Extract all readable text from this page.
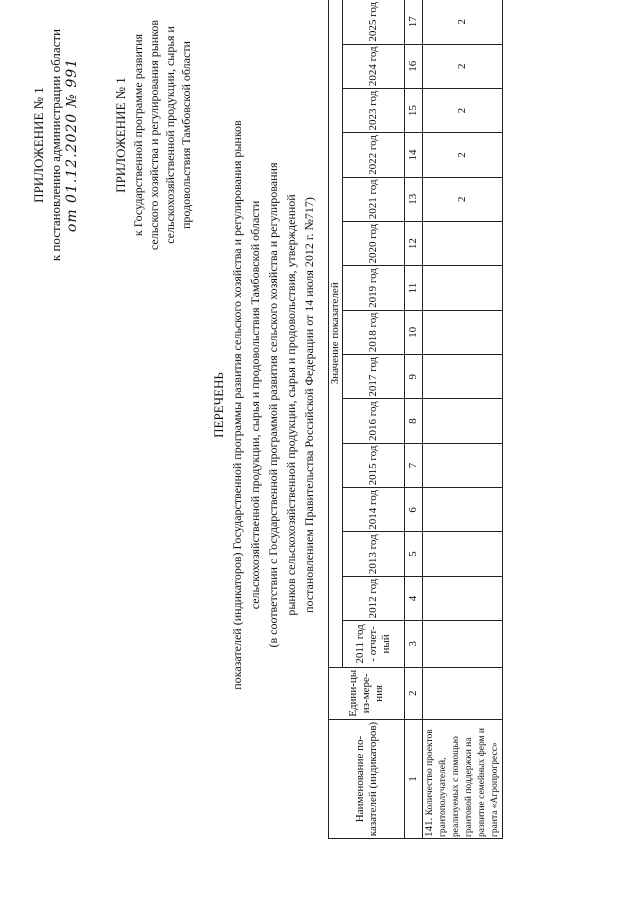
ПРИЛОЖЕНИЕ № 1 к постановлению администрации области от 01.12.2020 № 991	ПРИЛОЖЕНИЕ № 1 к Государственной программе развития сельского хозяйства и регулирования рынков сельскохозяйственной продукции, сырья и продовольствия Тамбовской области
ПЕРЕЧЕНЬ показателей (индикаторов) Государственной программы развития сельского хозяйства и регулирования рынков сельскохозяйственной продукции, сырья и продовольствия Тамбовской области (в соответствии с Государственной программой развития сельского хозяйства и регулирования рынков сельскохозяйственной продукции, сырья и продовольствия, утвержденной постановлением Правительства Российской Федерации от 14 июля 2012 г. №717)
Наименование по-казателей (индикаторов)	Едини-цы из-мере-ния	Значение показателей														
		2011 год - отчет-ный	2012 год	2013 год	2014 год	2015 год	2016 год	2017 год	2018 год	2019 год	2020 год	2021 год	2022 год	2023 год	2024 год	2025 год
1	2	3	4	5	6	7	8	9	10	11	12	13	14	15	16	17
141. Количество проектов грантополучателей, реализуемых с помощью грантовой поддержки на развитие семейных ферм и гранта «Агропрогресс»												2	2	2	2	2
